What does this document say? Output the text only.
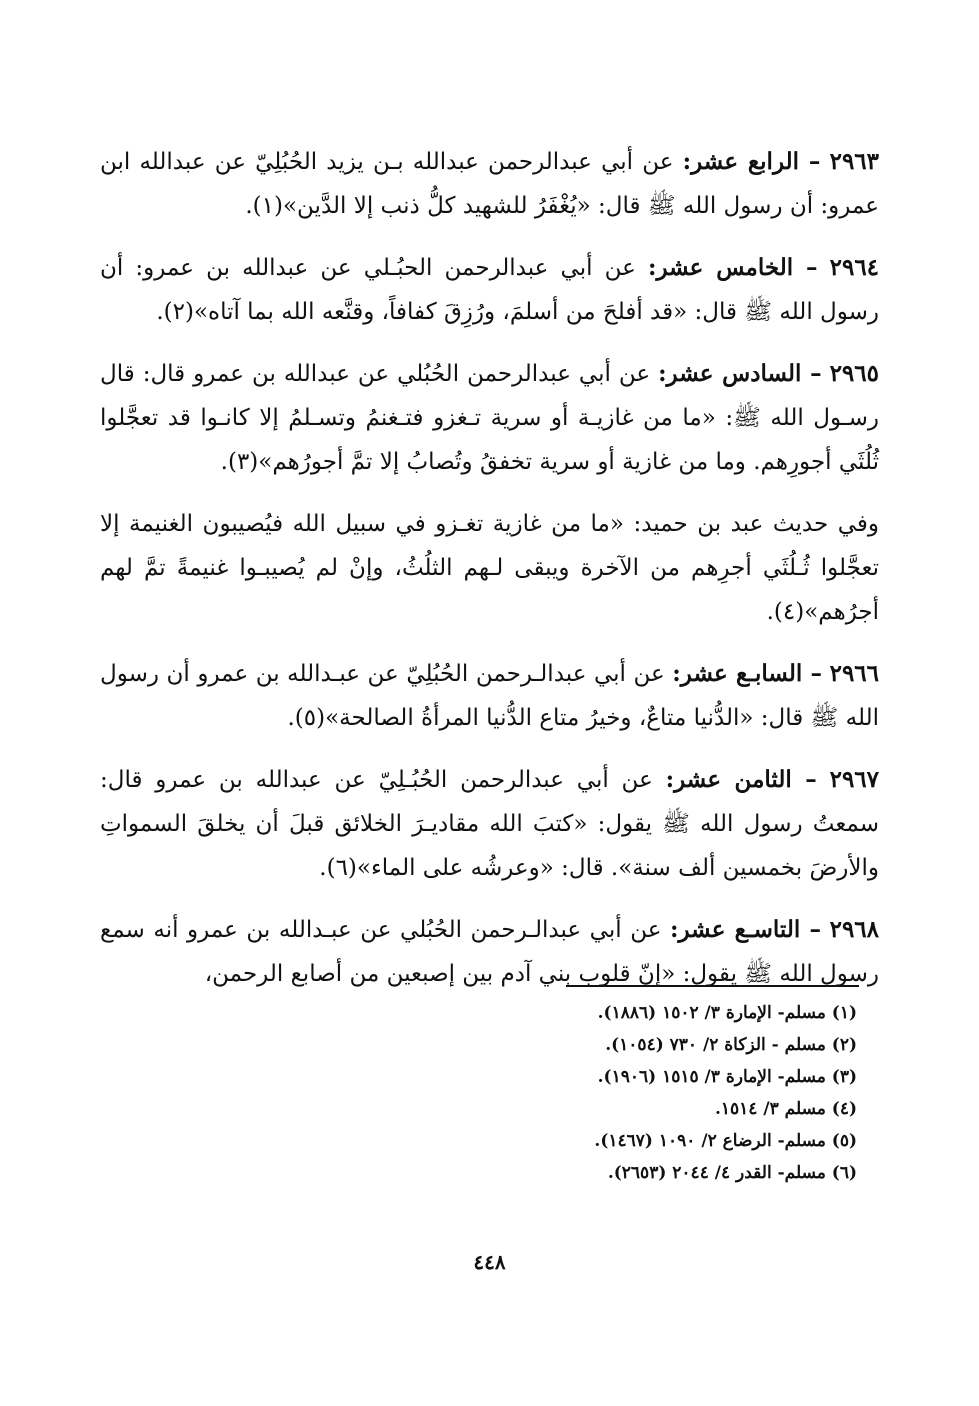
٢٩٦٣ – الرابع عشر: عن أبي عبدالرحمن عبدالله بـن يزيد الحُبُلِيّ عن عبدالله ابن عمرو: أن رسول الله ﷺ قال: «يُغْفَرُ للشهيد كلُّ ذنب إلا الدَّين»(١).

٢٩٦٤ – الخامس عشر: عن أبي عبدالرحمن الحبُـلي عن عبدالله بن عمرو: أن رسول الله ﷺ قال: «قد أفلحَ من أسلمَ، ورُزِقَ كفافاً، وقنَّعه الله بما آتاه»(٢).

٢٩٦٥ – السادس عشر: عن أبي عبدالرحمن الحُبُلي عن عبدالله بن عمرو قال: قال رسـول الله ﷺ: «ما من غازيـة أو سرية تـغزو فتـغنمُ وتسـلمُ إلا كانـوا قد تعجَّلوا ثُلُثَي أجورِهم. وما من غازية أو سرية تخفقُ وتُصابُ إلا تمَّ أجورُهم»(٣).

وفي حديث عبد بن حميد: «ما من غازية تغـزو في سبيل الله فيُصيبون الغنيمة إلا تعجَّلوا ثُـلُثَي أجرِهم من الآخرة ويبقى لـهم الثلُثُ، وإنْ لم يُصيبـوا غنيمةً تمَّ لهم أجرُهم»(٤).

٢٩٦٦ – السابـع عشر: عن أبي عبدالـرحمن الحُبُلِيّ عن عبـدالله بن عمرو أن رسول الله ﷺ قال: «الدُّنيا متاعٌ، وخيرُ متاع الدُّنيا المرأةُ الصالحة»(٥).

٢٩٦٧ – الثامن عشر: عن أبي عبدالرحمن الحُبُـلِيّ عن عبدالله بن عمرو قال: سمعتُ رسول الله ﷺ يقول: «كتبَ الله مقاديـرَ الخلائق قبلَ أن يخلقَ السمواتِ والأرضَ بخمسين ألف سنة». قال: «وعرشُه على الماء»(٦).

٢٩٦٨ – التاسـع عشر: عن أبي عبدالـرحمن الحُبُلي عن عبـدالله بن عمرو أنه سمع رسول الله ﷺ يقول: «إنّ قلوب بني آدم بين إصبعين من أصابع الرحمن،

(١) مسلم- الإمارة ٣/ ١٥٠٢ (١٨٨٦).
(٢) مسلم - الزكاة ٢/ ٧٣٠ (١٠٥٤).
(٣) مسلم- الإمارة ٣/ ١٥١٥ (١٩٠٦).
(٤) مسلم ٣/ ١٥١٤.
(٥) مسلم- الرضاع ٢/ ١٠٩٠ (١٤٦٧).
(٦) مسلم- القدر ٤/ ٢٠٤٤ (٢٦٥٣).
٤٤٨
